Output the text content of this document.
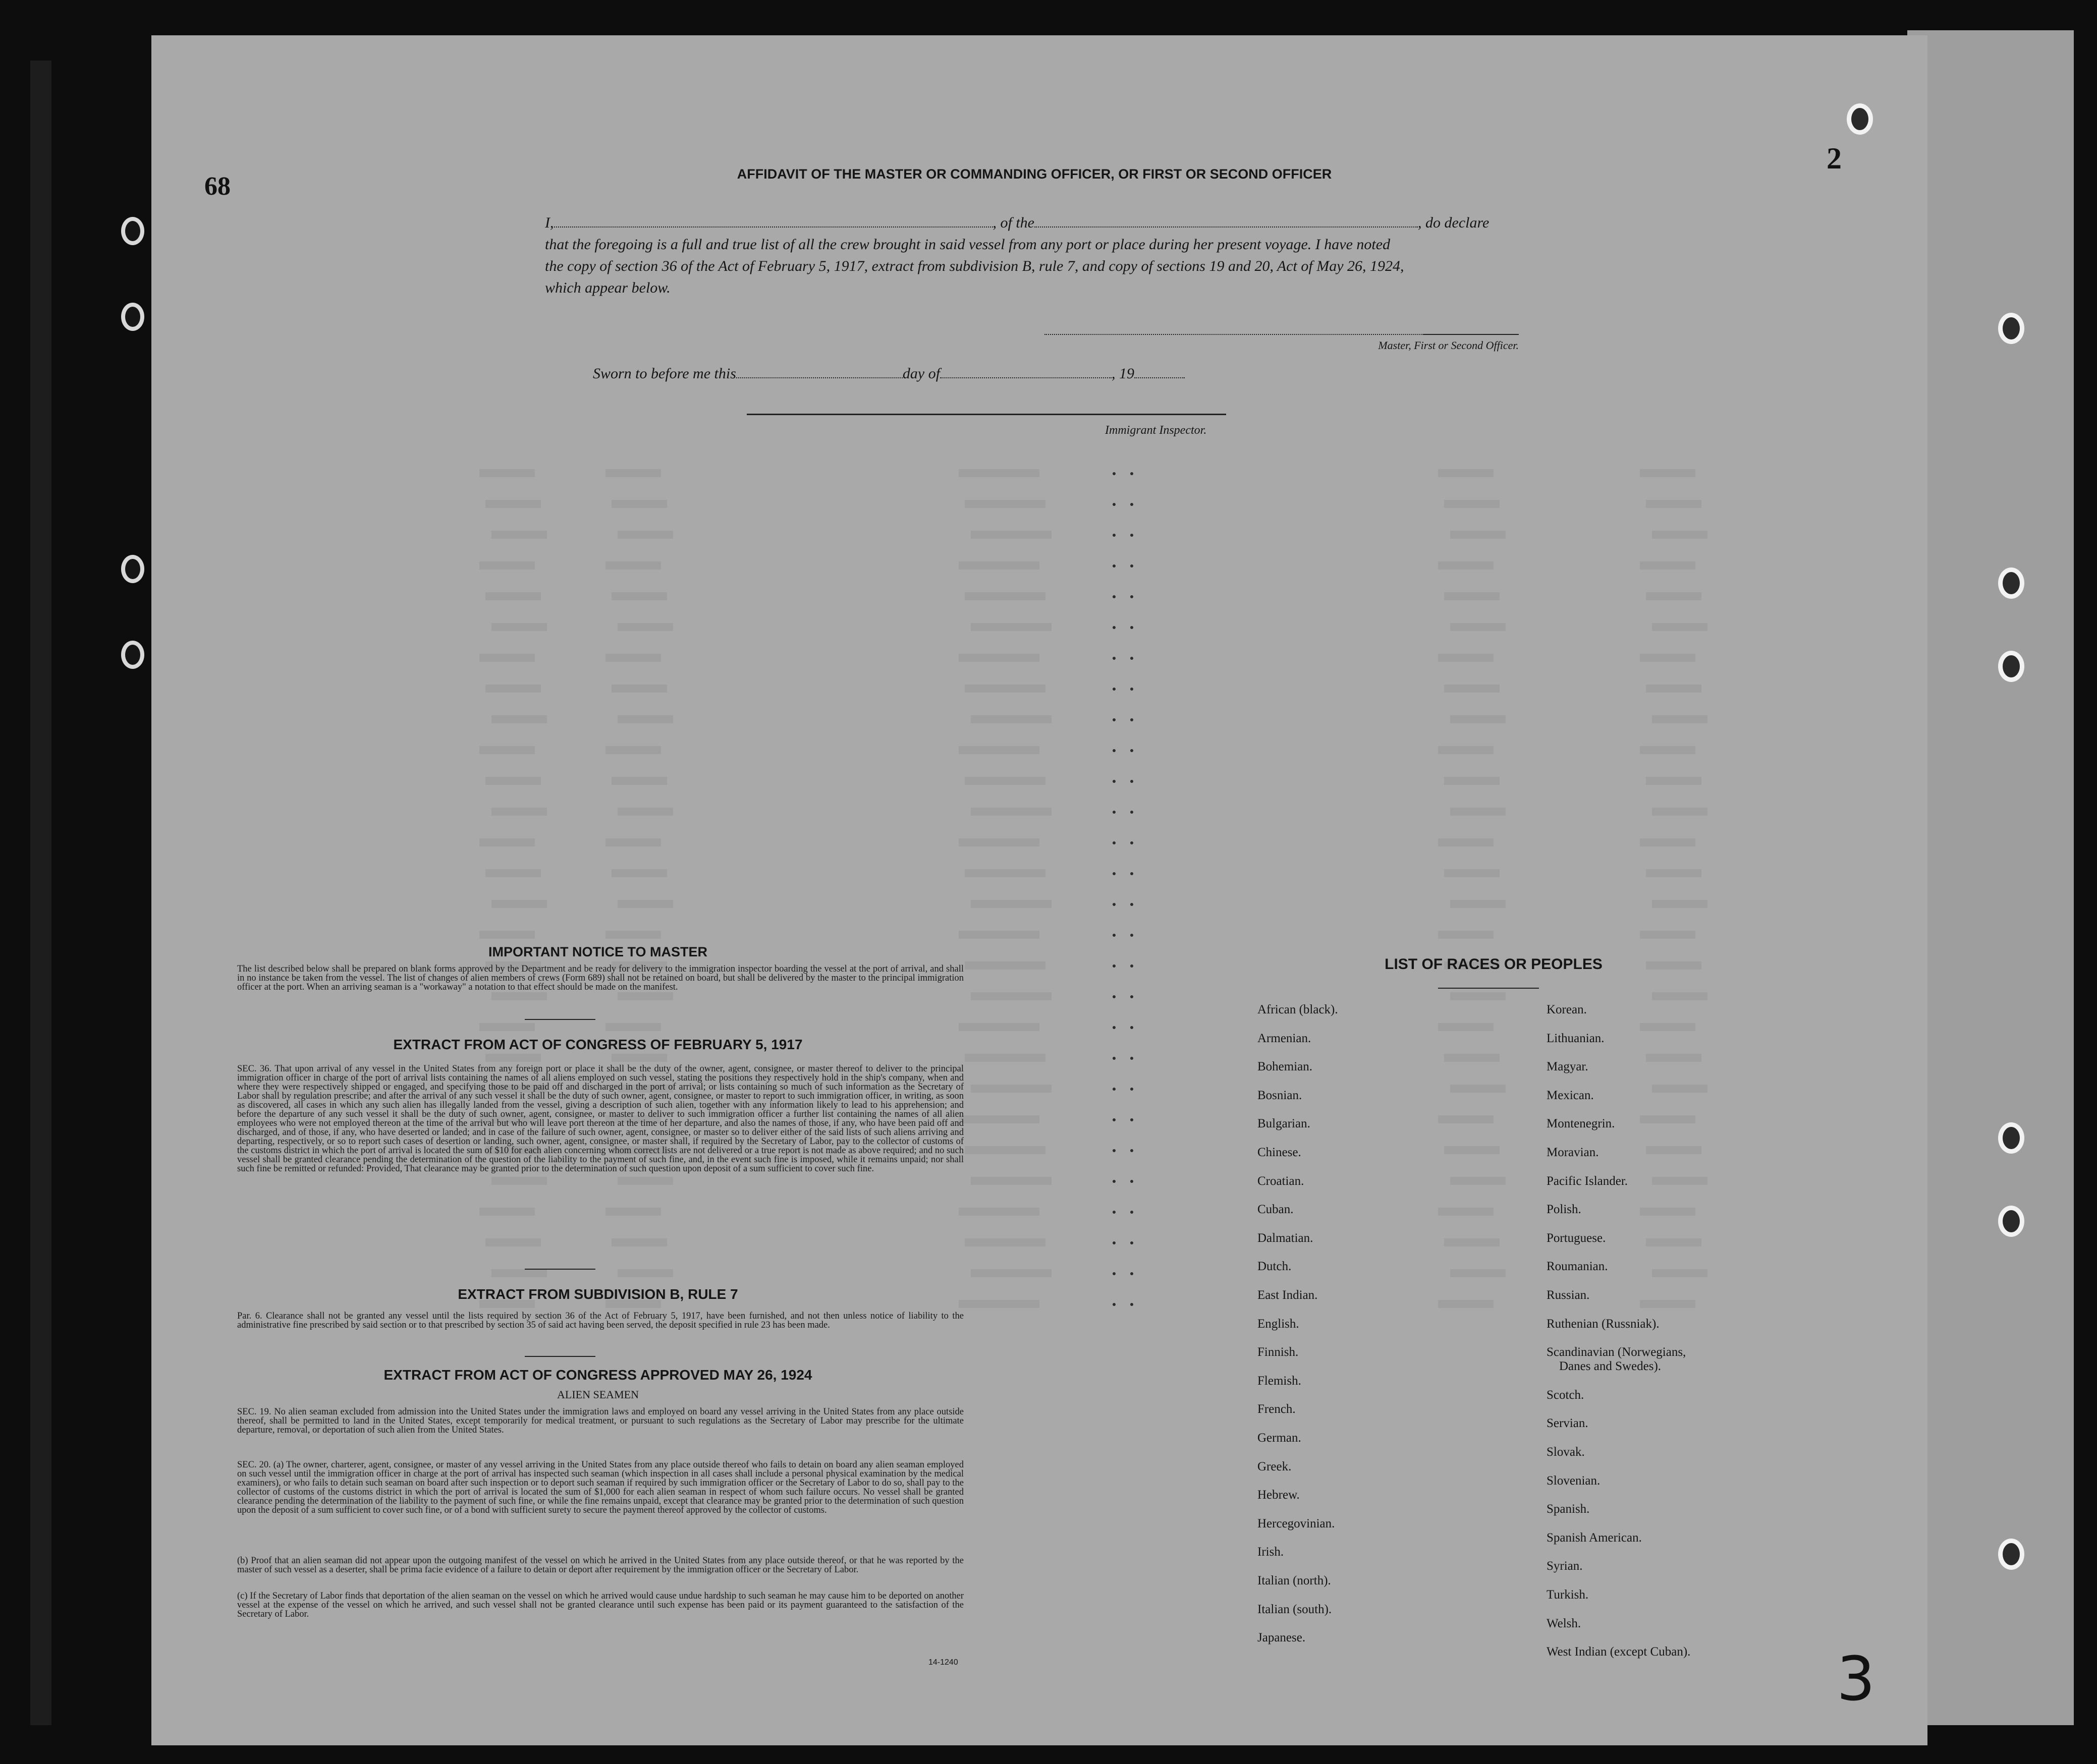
68
2
3
AFFIDAVIT OF THE MASTER OR COMMANDING OFFICER, OR FIRST OR SECOND OFFICER
I,	, of the	, do declare
that the foregoing is a full and true list of all the crew brought in said vessel from any port or place during her present voyage. I have noted
the copy of section 36 of the Act of February 5, 1917, extract from subdivision B, rule 7, and copy of sections 19 and 20, Act of May 26, 1924,
which appear below.
Master, First or Second Officer.
Sworn to before me this	day of	, 19
Immigrant Inspector.
IMPORTANT NOTICE TO MASTER
The list described below shall be prepared on blank forms approved by the Department and be ready for delivery to the immigration inspector boarding the vessel at the port of arrival, and shall in no instance be taken from the vessel. The list of changes of alien members of crews (Form 689) shall not be retained on board, but shall be delivered by the master to the principal immigration officer at the port. When an arriving seaman is a "workaway" a notation to that effect should be made on the manifest.
EXTRACT FROM ACT OF CONGRESS OF FEBRUARY 5, 1917
SEC. 36. That upon arrival of any vessel in the United States from any foreign port or place it shall be the duty of the owner, agent, consignee, or master thereof to deliver to the principal immigration officer in charge of the port of arrival lists containing the names of all aliens employed on such vessel, stating the positions they respectively hold in the ship's company, when and where they were respectively shipped or engaged, and specifying those to be paid off and discharged in the port of arrival; or lists containing so much of such information as the Secretary of Labor shall by regulation prescribe; and after the arrival of any such vessel it shall be the duty of such owner, agent, consignee, or master to report to such immigration officer, in writing, as soon as discovered, all cases in which any such alien has illegally landed from the vessel, giving a description of such alien, together with any information likely to lead to his apprehension; and before the departure of any such vessel it shall be the duty of such owner, agent, consignee, or master to deliver to such immigration officer a further list containing the names of all alien employees who were not employed thereon at the time of the arrival but who will leave port thereon at the time of her departure, and also the names of those, if any, who have been paid off and discharged, and of those, if any, who have deserted or landed; and in case of the failure of such owner, agent, consignee, or master so to deliver either of the said lists of such aliens arriving and departing, respectively, or so to report such cases of desertion or landing, such owner, agent, consignee, or master shall, if required by the Secretary of Labor, pay to the collector of customs of the customs district in which the port of arrival is located the sum of $10 for each alien concerning whom correct lists are not delivered or a true report is not made as above required; and no such vessel shall be granted clearance pending the determination of the question of the liability to the payment of such fine, and, in the event such fine is imposed, while it remains unpaid; nor shall such fine be remitted or refunded: Provided, That clearance may be granted prior to the determination of such question upon deposit of a sum sufficient to cover such fine.
EXTRACT FROM SUBDIVISION B, RULE 7
Par. 6. Clearance shall not be granted any vessel until the lists required by section 36 of the Act of February 5, 1917, have been furnished, and not then unless notice of liability to the administrative fine prescribed by said section or to that prescribed by section 35 of said act having been served, the deposit specified in rule 23 has been made.
EXTRACT FROM ACT OF CONGRESS APPROVED MAY 26, 1924
ALIEN SEAMEN
SEC. 19. No alien seaman excluded from admission into the United States under the immigration laws and employed on board any vessel arriving in the United States from any place outside thereof, shall be permitted to land in the United States, except temporarily for medical treatment, or pursuant to such regulations as the Secretary of Labor may prescribe for the ultimate departure, removal, or deportation of such alien from the United States.
SEC. 20. (a) The owner, charterer, agent, consignee, or master of any vessel arriving in the United States from any place outside thereof who fails to detain on board any alien seaman employed on such vessel until the immigration officer in charge at the port of arrival has inspected such seaman (which inspection in all cases shall include a personal physical examination by the medical examiners), or who fails to detain such seaman on board after such inspection or to deport such seaman if required by such immigration officer or the Secretary of Labor to do so, shall pay to the collector of customs of the customs district in which the port of arrival is located the sum of $1,000 for each alien seaman in respect of whom such failure occurs. No vessel shall be granted clearance pending the determination of the liability to the payment of such fine, or while the fine remains unpaid, except that clearance may be granted prior to the determination of such question upon the deposit of a sum sufficient to cover such fine, or of a bond with sufficient surety to secure the payment thereof approved by the collector of customs.
(b) Proof that an alien seaman did not appear upon the outgoing manifest of the vessel on which he arrived in the United States from any place outside thereof, or that he was reported by the master of such vessel as a deserter, shall be prima facie evidence of a failure to detain or deport after requirement by the immigration officer or the Secretary of Labor.
(c) If the Secretary of Labor finds that deportation of the alien seaman on the vessel on which he arrived would cause undue hardship to such seaman he may cause him to be deported on another vessel at the expense of the vessel on which he arrived, and such vessel shall not be granted clearance until such expense has been paid or its payment guaranteed to the satisfaction of the Secretary of Labor.
14-1240
LIST OF RACES OR PEOPLES
African (black).
Armenian.
Bohemian.
Bosnian.
Bulgarian.
Chinese.
Croatian.
Cuban.
Dalmatian.
Dutch.
East Indian.
English.
Finnish.
Flemish.
French.
German.
Greek.
Hebrew.
Hercegovinian.
Irish.
Italian (north).
Italian (south).
Japanese.
Korean.
Lithuanian.
Magyar.
Mexican.
Montenegrin.
Moravian.
Pacific Islander.
Polish.
Portuguese.
Roumanian.
Russian.
Ruthenian (Russniak).
Scandinavian (Norwegians,
Danes and Swedes).
Scotch.
Servian.
Slovak.
Slovenian.
Spanish.
Spanish American.
Syrian.
Turkish.
Welsh.
West Indian (except Cuban).
